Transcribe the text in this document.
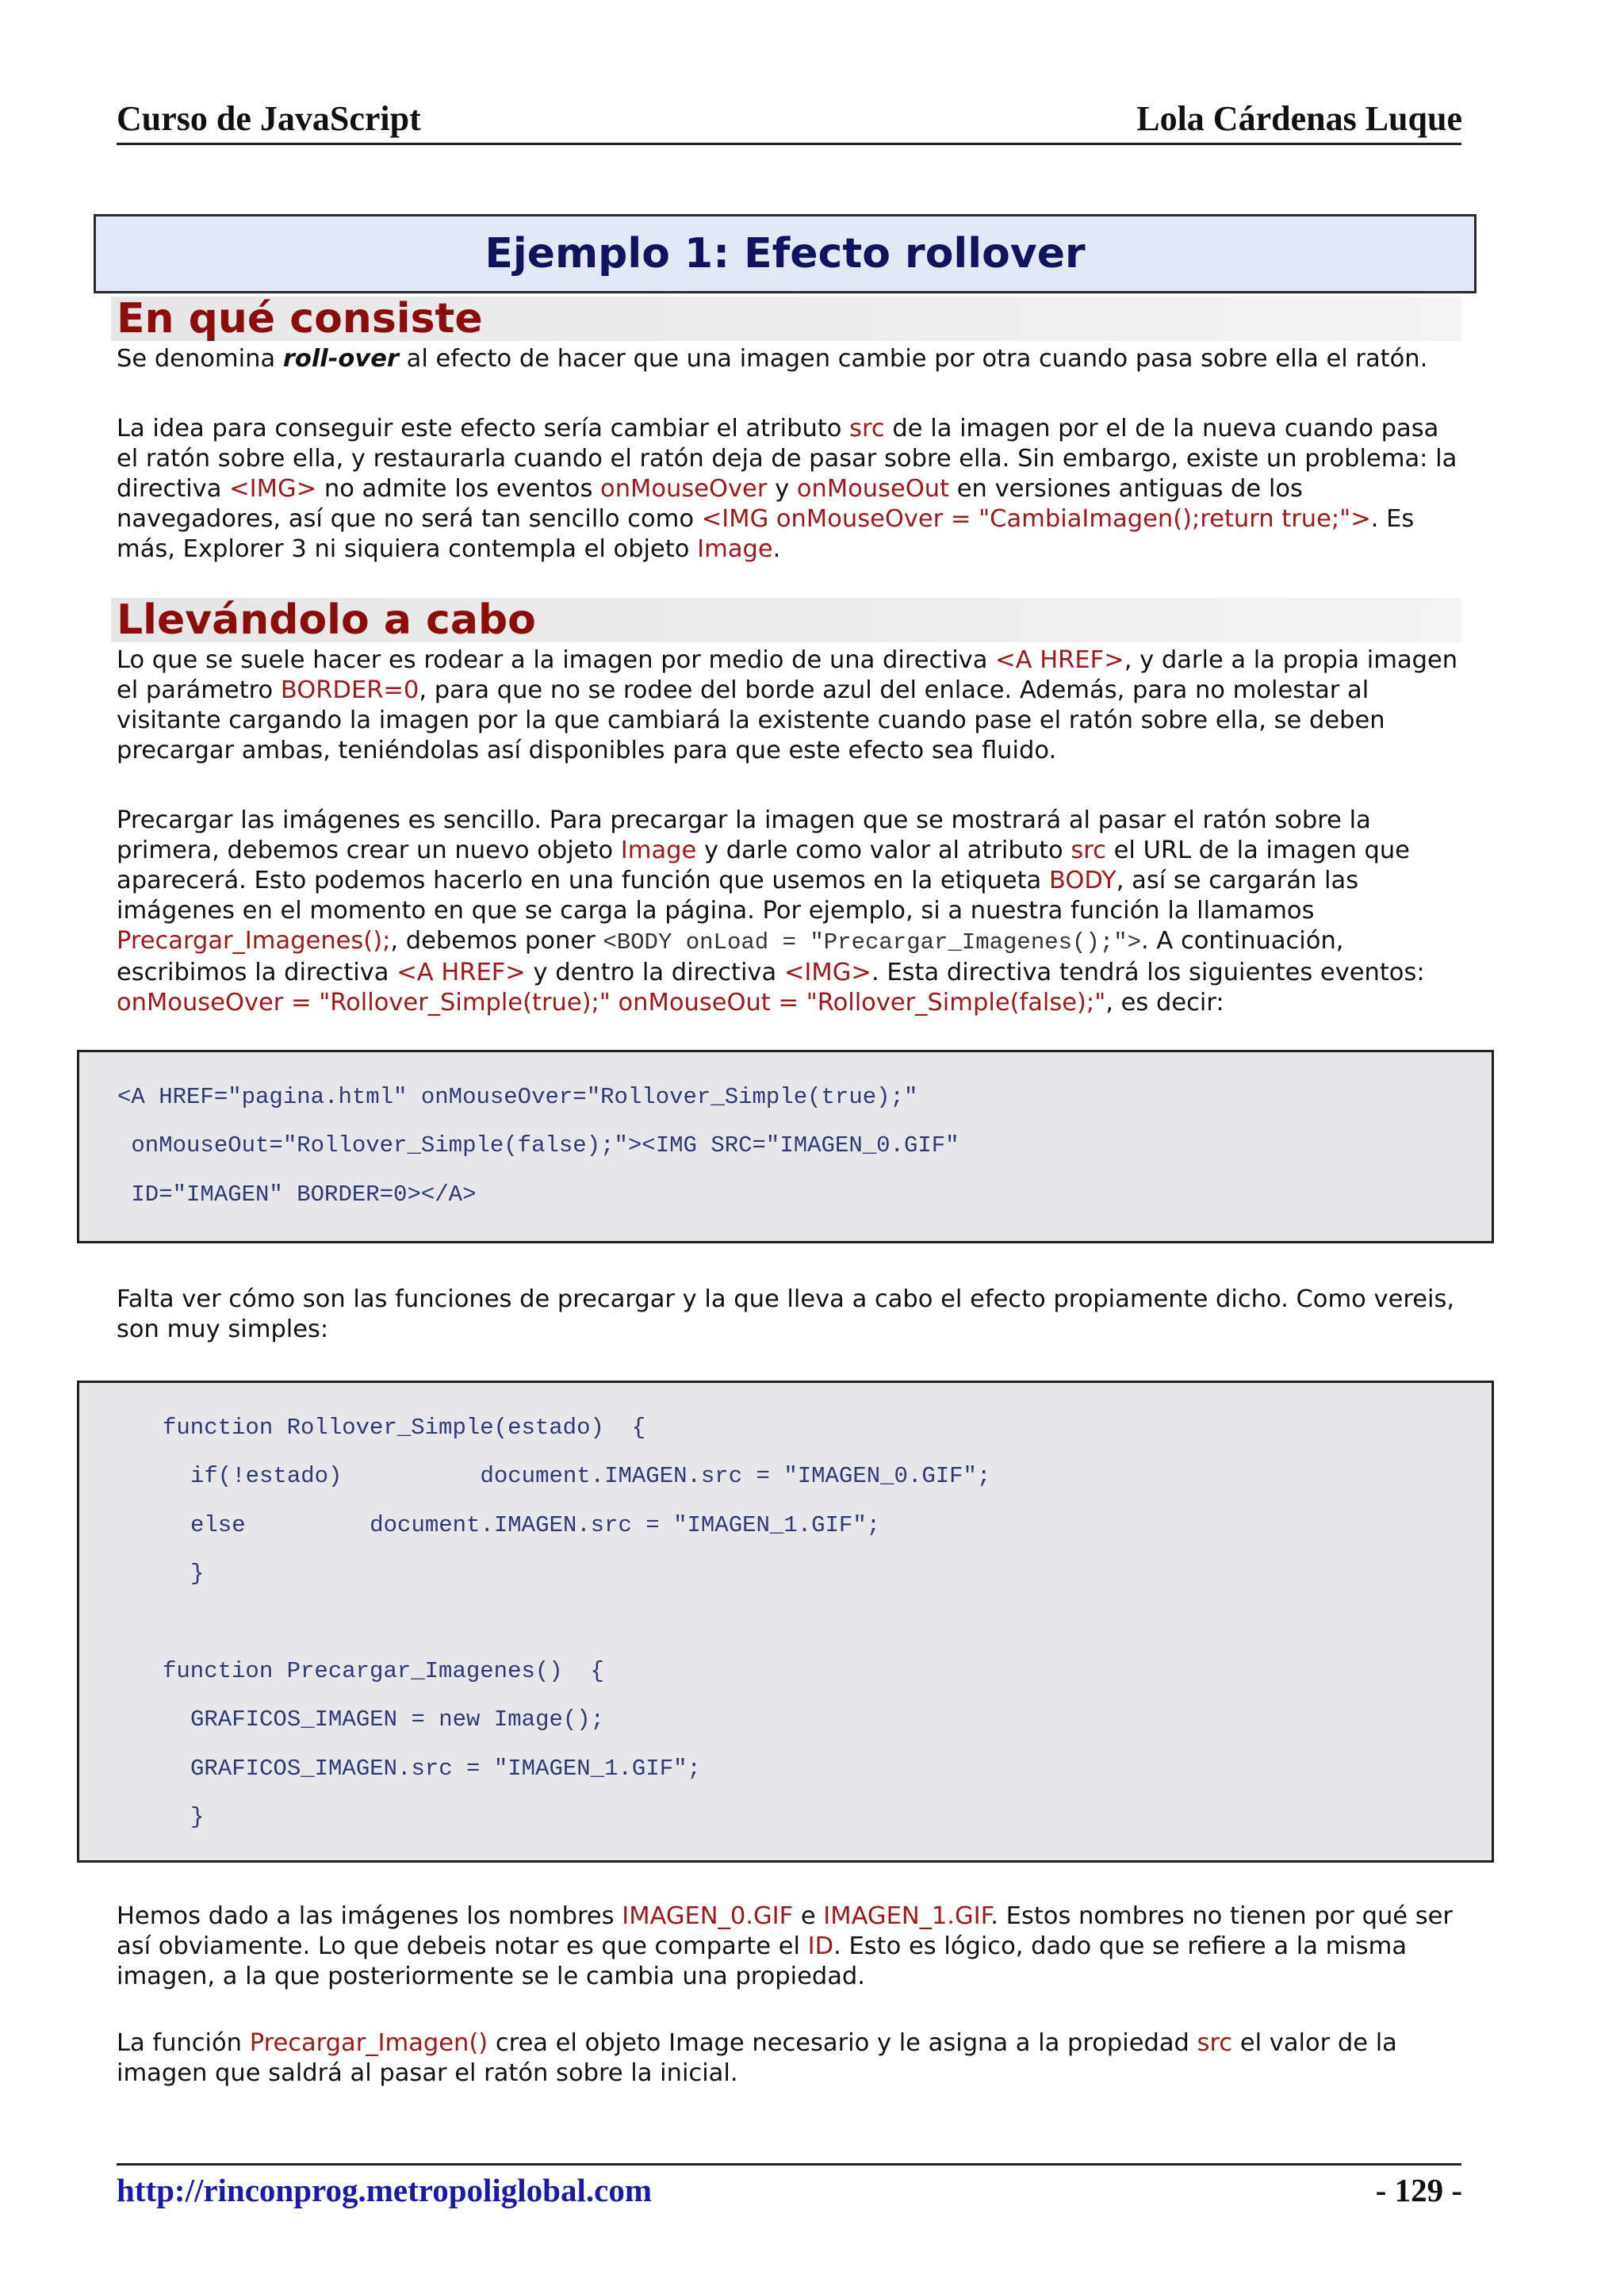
Curso de JavaScript	Lola Cárdenas Luque
Ejemplo 1: Efecto rollover
En qué consiste

Se denomina roll-over al efecto de hacer que una imagen cambie por otra cuando pasa sobre ella el ratón.

La idea para conseguir este efecto sería cambiar el atributo src de la imagen por el de la nueva cuando pasa el ratón sobre ella, y restaurarla cuando el ratón deja de pasar sobre ella. Sin embargo, existe un problema: la directiva <IMG> no admite los eventos onMouseOver y onMouseOut en versiones antiguas de los navegadores, así que no será tan sencillo como <IMG onMouseOver = "CambiaImagen();return true;">. Es más, Explorer 3 ni siquiera contempla el objeto Image.

Llevándolo a cabo

Lo que se suele hacer es rodear a la imagen por medio de una directiva <A HREF>, y darle a la propia imagen el parámetro BORDER=0, para que no se rodee del borde azul del enlace. Además, para no molestar al visitante cargando la imagen por la que cambiará la existente cuando pase el ratón sobre ella, se deben precargar ambas, teniéndolas así disponibles para que este efecto sea fluido.

Precargar las imágenes es sencillo. Para precargar la imagen que se mostrará al pasar el ratón sobre la primera, debemos crear un nuevo objeto Image y darle como valor al atributo src el URL de la imagen que aparecerá. Esto podemos hacerlo en una función que usemos en la etiqueta BODY, así se cargarán las imágenes en el momento en que se carga la página. Por ejemplo, si a nuestra función la llamamos Precargar_Imagenes();, debemos poner <BODY onLoad = "Precargar_Imagenes();">. A continuación, escribimos la directiva <A HREF> y dentro la directiva <IMG>. Esta directiva tendrá los siguientes eventos: onMouseOver = "Rollover_Simple(true);" onMouseOut = "Rollover_Simple(false);", es decir:

<A HREF="pagina.html" onMouseOver="Rollover_Simple(true);"
onMouseOut="Rollover_Simple(false);"><IMG SRC="IMAGEN_0.GIF"
ID="IMAGEN" BORDER=0></A>

Falta ver cómo son las funciones de precargar y la que lleva a cabo el efecto propiamente dicho. Como vereis, son muy simples:

function Rollover_Simple(estado)  {
if(!estado)          document.IMAGEN.src = "IMAGEN_0.GIF";
else         document.IMAGEN.src = "IMAGEN_1.GIF";
}
function Precargar_Imagenes()  {
GRAFICOS_IMAGEN = new Image();
GRAFICOS_IMAGEN.src = "IMAGEN_1.GIF";
}

Hemos dado a las imágenes los nombres IMAGEN_0.GIF e IMAGEN_1.GIF. Estos nombres no tienen por qué ser así obviamente. Lo que debeis notar es que comparte el ID. Esto es lógico, dado que se refiere a la misma imagen, a la que posteriormente se le cambia una propiedad.

La función Precargar_Imagen() crea el objeto Image necesario y le asigna a la propiedad src el valor de la imagen que saldrá al pasar el ratón sobre la inicial.

http://rinconprog.metropoliglobal.com	- 129 -
